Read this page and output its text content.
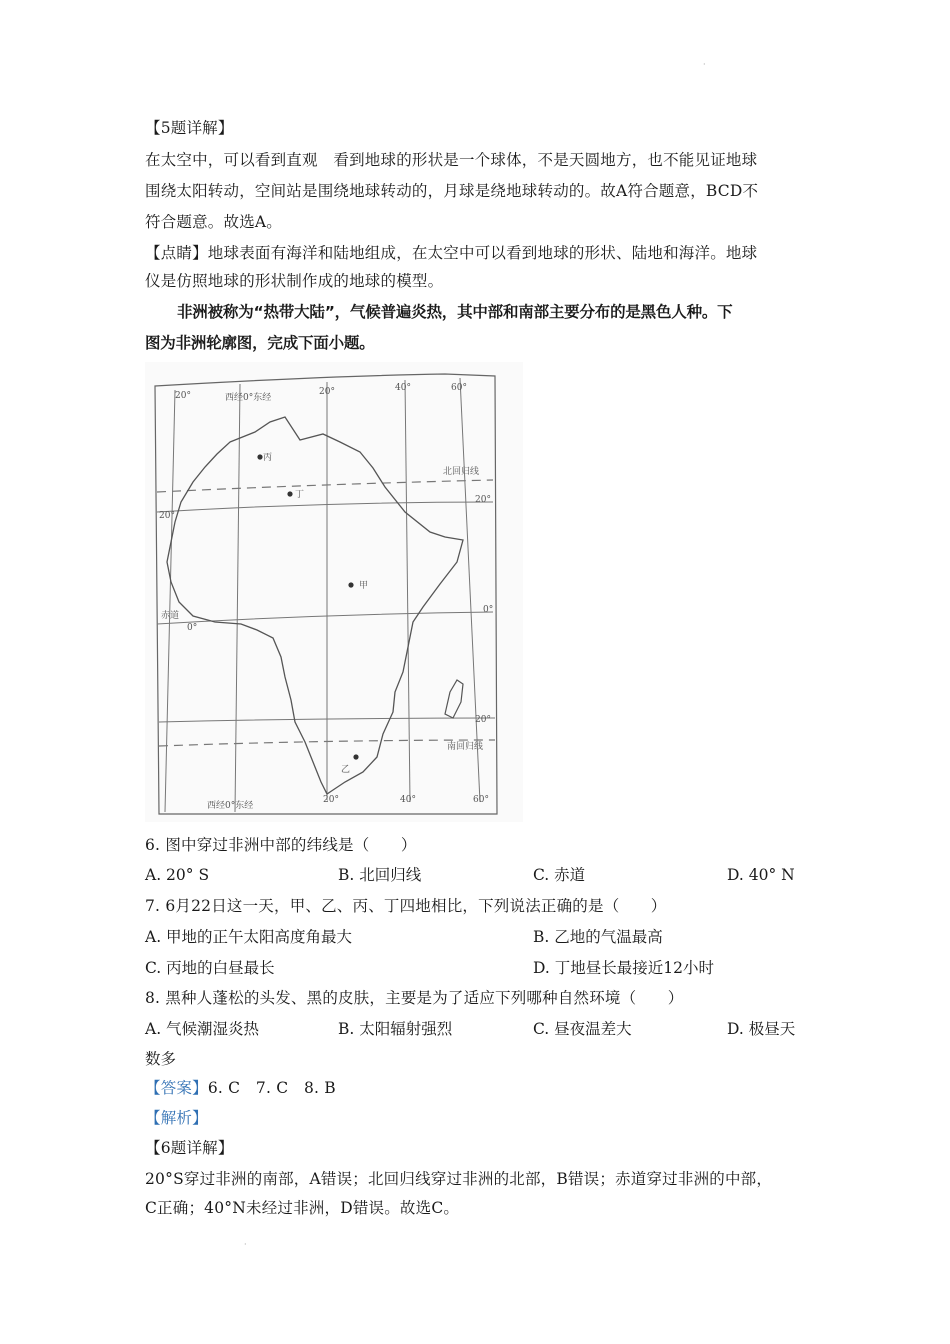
·
【5题详解】
在太空中，可以看到直观　看到地球的形状是一个球体，不是天圆地方，也不能见证地球
围绕太阳转动，空间站是围绕地球转动的，月球是绕地球转动的。故A符合题意，BCD不
符合题意。故选A。
【点睛】地球表面有海洋和陆地组成，在太空中可以看到地球的形状、陆地和海洋。地球
仪是仿照地球的形状制作成的地球的模型。
非洲被称为“热带大陆”，气候普遍炎热，其中部和南部主要分布的是黑色人种。下
图为非洲轮廓图，完成下面小题。
丙
丁
甲
乙
西经0°东经
20°	20°	40°	60°
西经0°东经
20°	40°	60°
20°
20°
北回归线
赤道
0°
0°
20°
南回归线
6. 图中穿过非洲中部的纬线是（　　）
A. 20° S	B. 北回归线	C. 赤道	D. 40° N
7. 6月22日这一天，甲、乙、丙、丁四地相比，下列说法正确的是（　　）
A. 甲地的正午太阳高度角最大	B. 乙地的气温最高
C. 丙地的白昼最长	D. 丁地昼长最接近12小时
8. 黑种人蓬松的头发、黑的皮肤，主要是为了适应下列哪种自然环境（　　）
A. 气候潮湿炎热	B. 太阳辐射强烈	C. 昼夜温差大	D. 极昼天
数多
【答案】6. C　7. C　8. B
【解析】
【6题详解】
20°S穿过非洲的南部，A错误；北回归线穿过非洲的北部，B错误；赤道穿过非洲的中部，
C正确；40°N未经过非洲，D错误。故选C。
·
